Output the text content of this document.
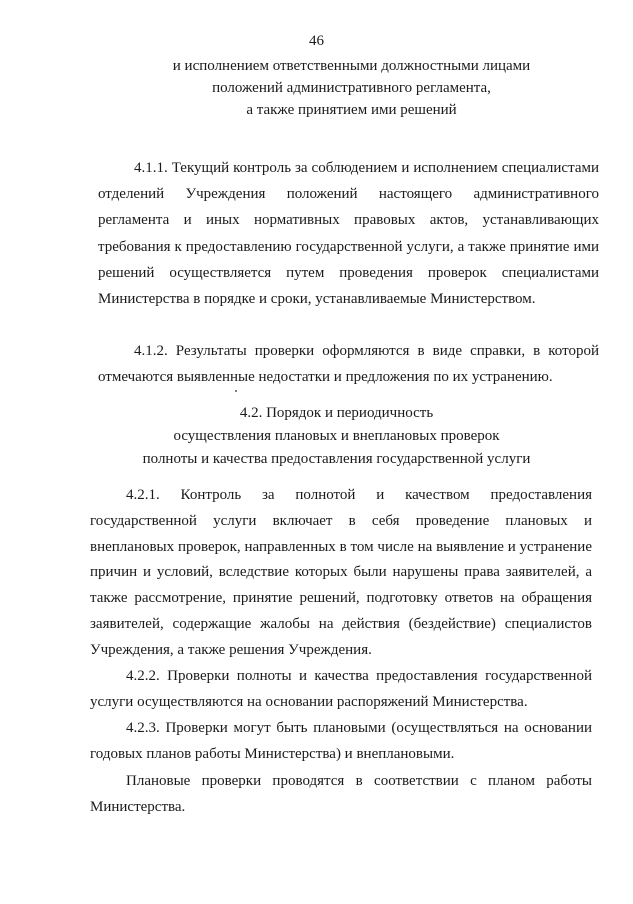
46
и исполнением ответственными должностными лицами
положений административного регламента,
а также принятием ими решений
4.1.1. Текущий контроль за соблюдением и исполнением специалистами отделений Учреждения положений настоящего административного регламента и иных нормативных правовых актов, устанавливающих требования к предоставлению государственной услуги, а также принятие ими решений осуществляется путем проведения проверок специалистами Министерства в порядке и сроки, устанавливаемые Министерством.
4.1.2. Результаты проверки оформляются в виде справки, в которой отмечаются выявленные недостатки и предложения по их устранению.
4.2. Порядок и периодичность
осуществления плановых и внеплановых проверок
полноты и качества предоставления государственной услуги
4.2.1. Контроль за полнотой и качеством предоставления государственной услуги включает в себя проведение плановых и внеплановых проверок, направленных в том числе на выявление и устранение причин и условий, вследствие которых были нарушены права заявителей, а также рассмотрение, принятие решений, подготовку ответов на обращения заявителей, содержащие жалобы на действия (бездействие) специалистов Учреждения, а также решения Учреждения.
4.2.2. Проверки полноты и качества предоставления государственной услуги осуществляются на основании распоряжений Министерства.
4.2.3. Проверки могут быть плановыми (осуществляться на основании годовых планов работы Министерства) и внеплановыми.
Плановые проверки проводятся в соответствии с планом работы Министерства.
